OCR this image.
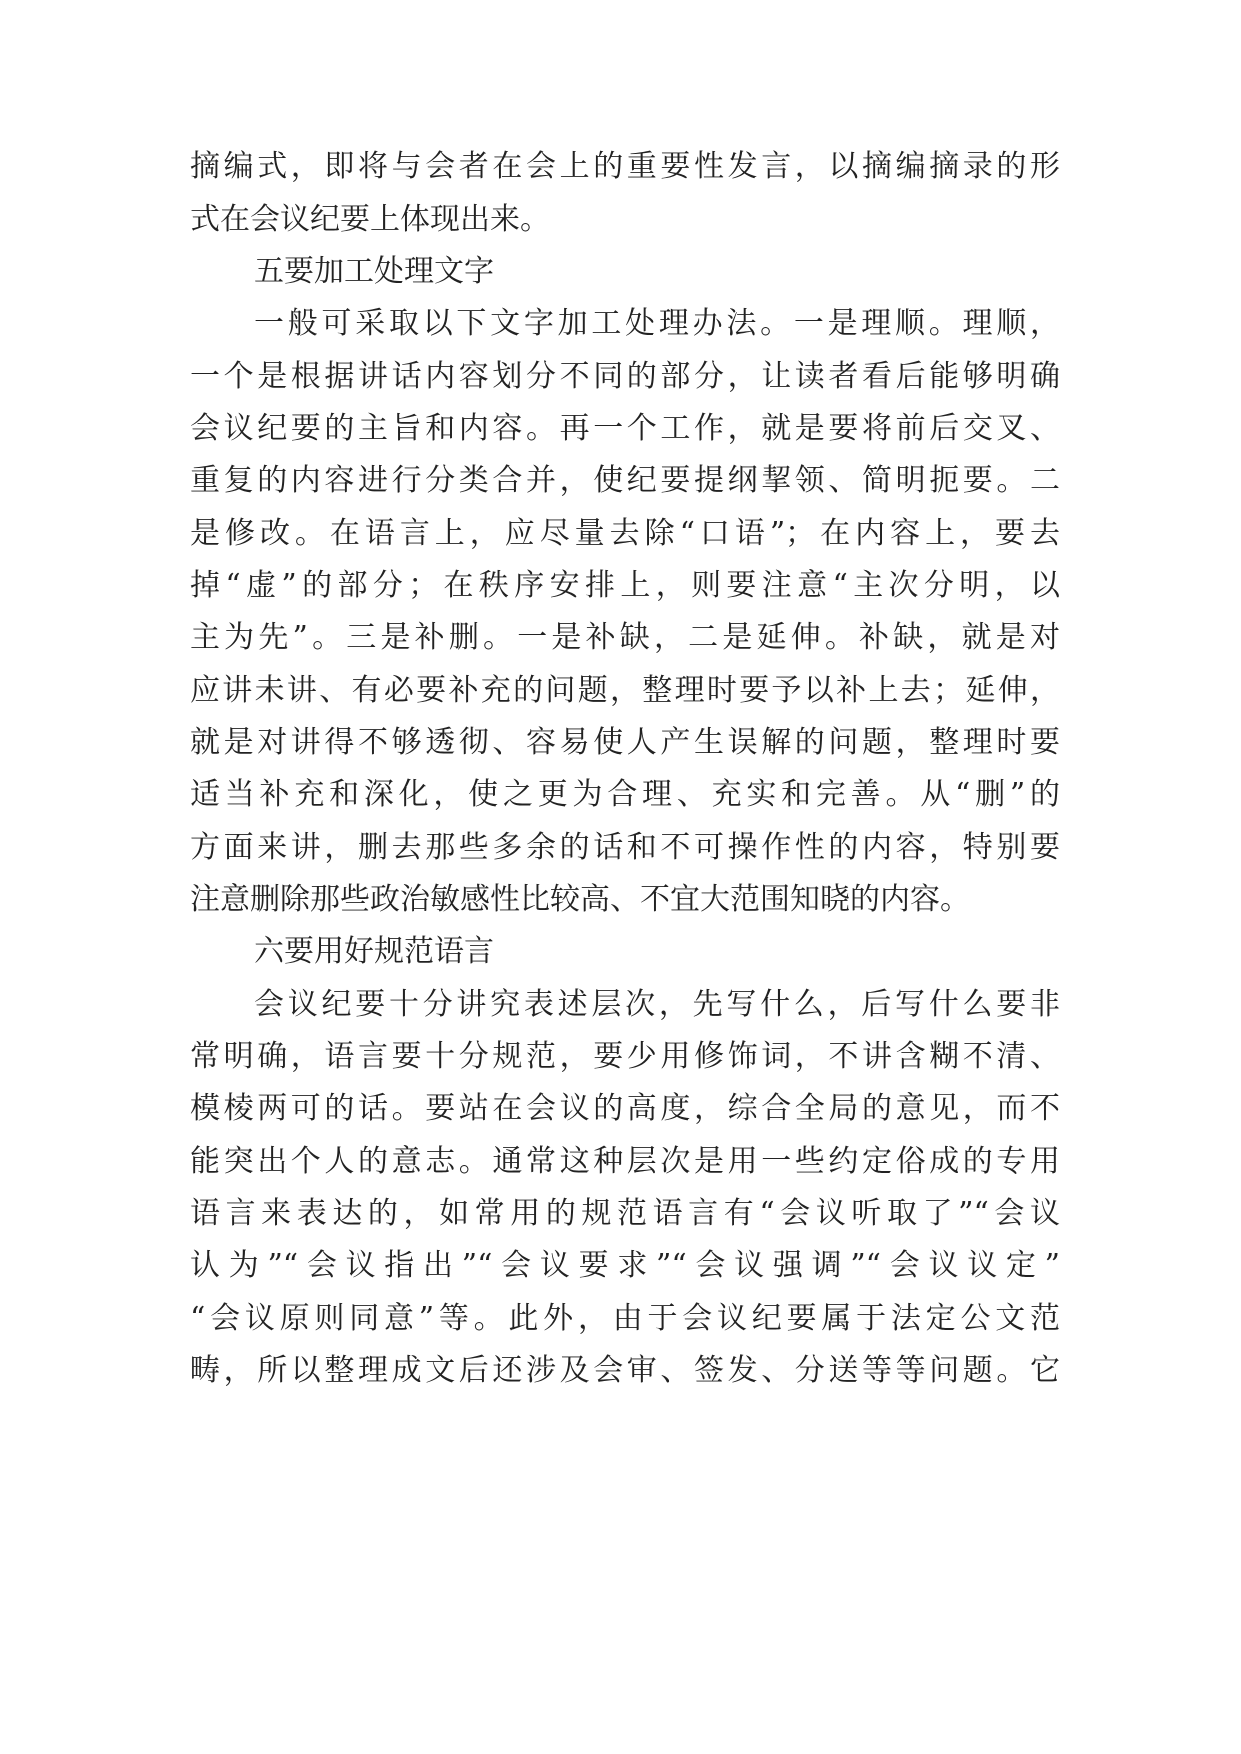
摘编式，即将与会者在会上的重要性发言，以摘编摘录的形
式在会议纪要上体现出来。
五要加工处理文字
一般可采取以下文字加工处理办法。一是理顺。理顺，
一个是根据讲话内容划分不同的部分，让读者看后能够明确
会议纪要的主旨和内容。再一个工作，就是要将前后交叉、
重复的内容进行分类合并，使纪要提纲挈领、简明扼要。二
是修改。在语言上，应尽量去除“口语”；在内容上，要去
掉“虚”的部分；在秩序安排上，则要注意“主次分明，以
主为先”。三是补删。一是补缺，二是延伸。补缺，就是对
应讲未讲、有必要补充的问题，整理时要予以补上去；延伸，
就是对讲得不够透彻、容易使人产生误解的问题，整理时要
适当补充和深化，使之更为合理、充实和完善。从“删”的
方面来讲，删去那些多余的话和不可操作性的内容，特别要
注意删除那些政治敏感性比较高、不宜大范围知晓的内容。
六要用好规范语言
会议纪要十分讲究表述层次，先写什么，后写什么要非
常明确，语言要十分规范，要少用修饰词，不讲含糊不清、
模棱两可的话。要站在会议的高度，综合全局的意见，而不
能突出个人的意志。通常这种层次是用一些约定俗成的专用
语言来表达的，如常用的规范语言有“会议听取了”“会议
认为”“会议指出”“会议要求”“会议强调”“会议议定”
“会议原则同意”等。此外，由于会议纪要属于法定公文范
畴，所以整理成文后还涉及会审、签发、分送等等问题。它
